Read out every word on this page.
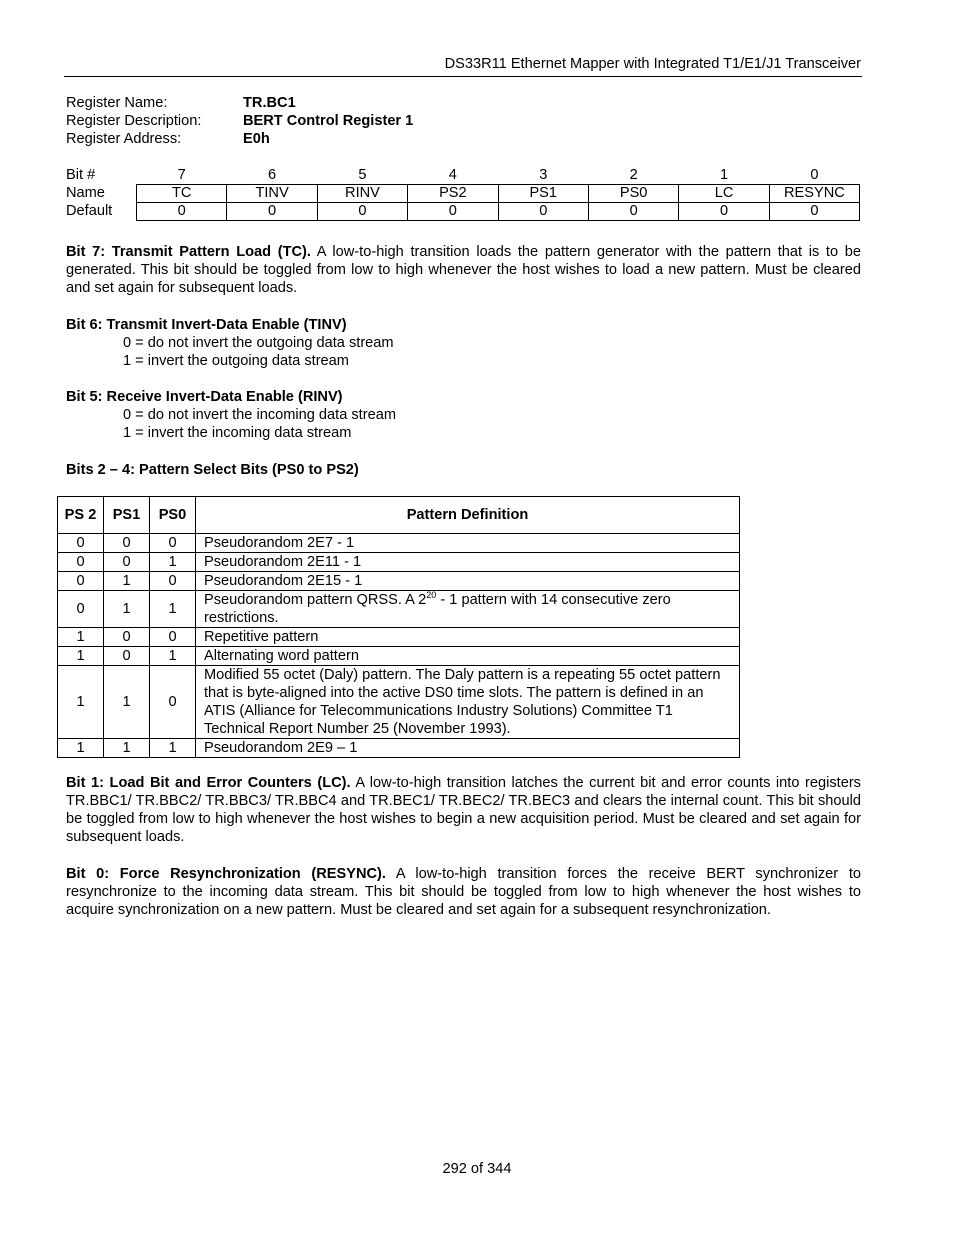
DS33R11 Ethernet Mapper with Integrated T1/E1/J1 Transceiver
Register Name:	TR.BC1
Register Description:	BERT Control Register 1
Register Address:	E0h
Bit #	7	6	5	4	3	2	1	0
Name	TC	TINV	RINV	PS2	PS1	PS0	LC	RESYNC
Default	0	0	0	0	0	0	0	0
Bit 7: Transmit Pattern Load (TC). A low-to-high transition loads the pattern generator with the pattern that is to be generated. This bit should be toggled from low to high whenever the host wishes to load a new pattern. Must be cleared and set again for subsequent loads.
Bit 6: Transmit Invert-Data Enable (TINV)
0 = do not invert the outgoing data stream
1 = invert the outgoing data stream
Bit 5: Receive Invert-Data Enable (RINV)
0 = do not invert the incoming data stream
1 = invert the incoming data stream
Bits 2 – 4: Pattern Select Bits (PS0 to PS2)
PS 2	PS1	PS0	Pattern Definition
0	0	0	Pseudorandom 2E7 - 1
0	0	1	Pseudorandom 2E11 - 1
0	1	0	Pseudorandom 2E15 - 1
0	1	1	Pseudorandom pattern QRSS. A $2^{20} - 1$ pattern with 14 consecutive zero restrictions.
1	0	0	Repetitive pattern
1	0	1	Alternating word pattern
1	1	0	Modified 55 octet (Daly) pattern. The Daly pattern is a repeating 55 octet pattern that is byte-aligned into the active DS0 time slots. The pattern is defined in an ATIS (Alliance for Telecommunications Industry Solutions) Committee T1 Technical Report Number 25 (November 1993).
1	1	1	Pseudorandom 2E9 – 1
Bit 1: Load Bit and Error Counters (LC). A low-to-high transition latches the current bit and error counts into registers TR.BBC1/ TR.BBC2/ TR.BBC3/ TR.BBC4 and TR.BEC1/ TR.BEC2/ TR.BEC3 and clears the internal count. This bit should be toggled from low to high whenever the host wishes to begin a new acquisition period. Must be cleared and set again for subsequent loads.
Bit 0: Force Resynchronization (RESYNC). A low-to-high transition forces the receive BERT synchronizer to resynchronize to the incoming data stream. This bit should be toggled from low to high whenever the host wishes to acquire synchronization on a new pattern. Must be cleared and set again for a subsequent resynchronization.
292 of 344
